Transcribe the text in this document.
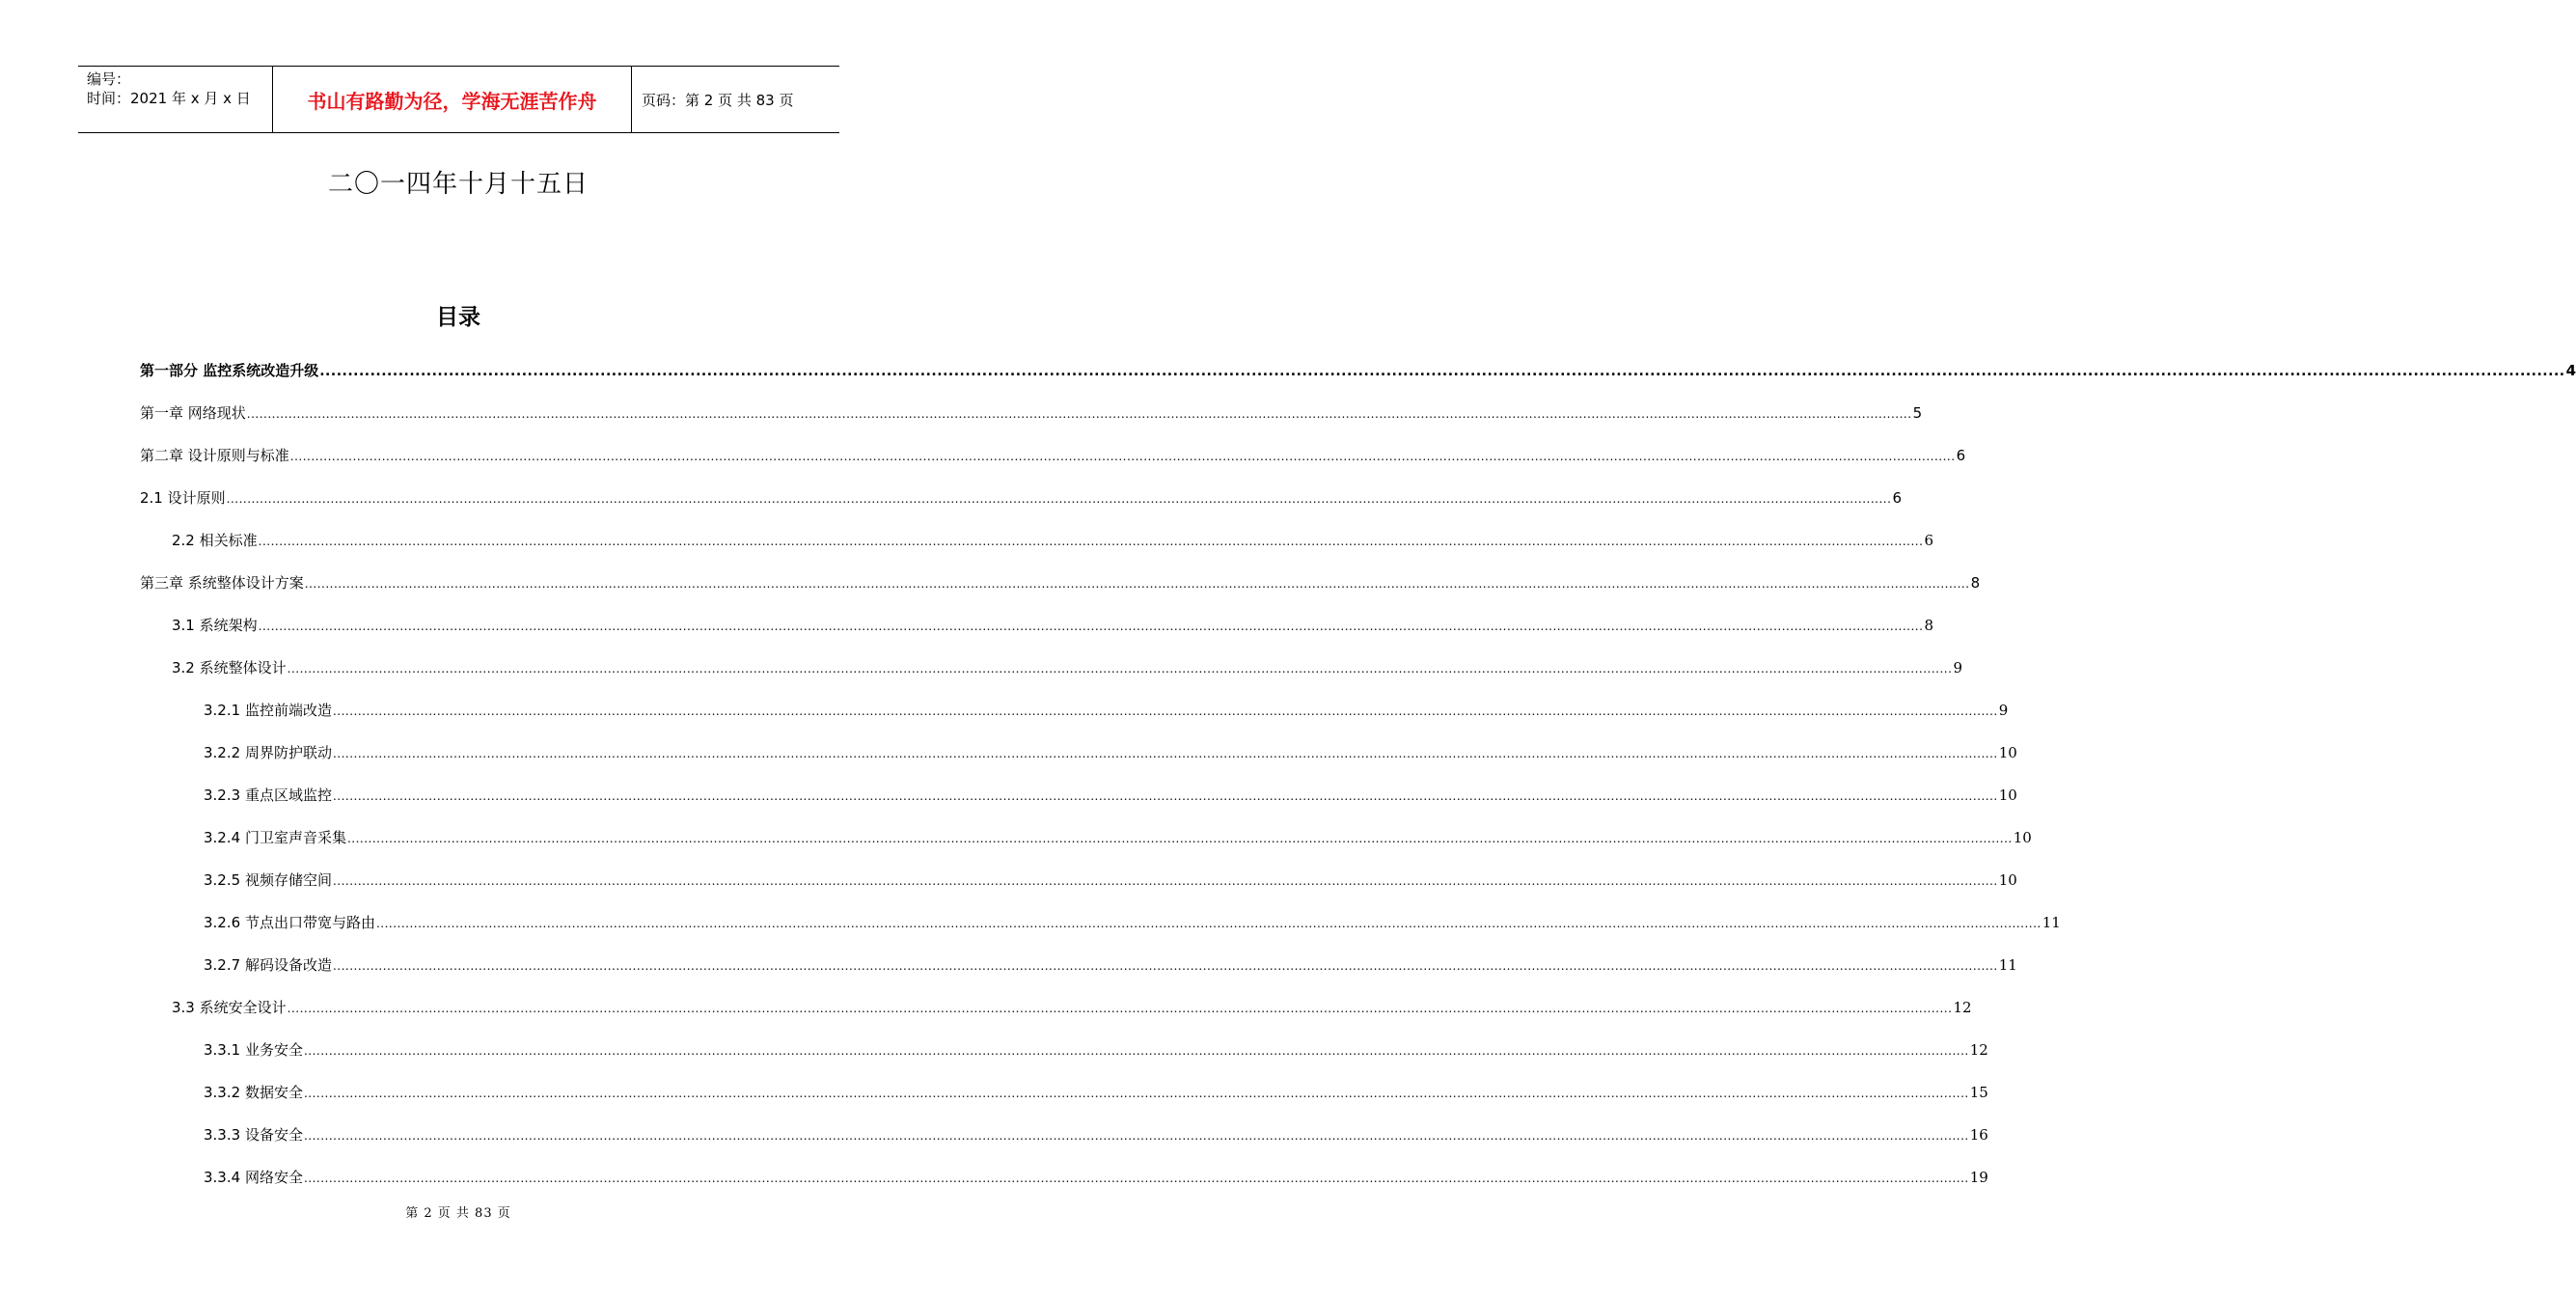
编号：
时间：2021 年 x 月 x 日	书山有路勤为径，学海无涯苦作舟	页码：第 2 页 共 83 页
二〇一四年十月十五日
目录
第一部分 监控系统改造升级 ................................................................................................................................................................................................................................................................................................................................................................................................................ 4
第一章 网络现状 ................................................................................................................................................................................................................................................................................................................................................................................................................ 5
第二章 设计原则与标准 ................................................................................................................................................................................................................................................................................................................................................................................................................ 6
2.1 设计原则 ................................................................................................................................................................................................................................................................................................................................................................................................................ 6
2.2 相关标准 ................................................................................................................................................................................................................................................................................................................................................................................................................ 6
第三章 系统整体设计方案 ................................................................................................................................................................................................................................................................................................................................................................................................................ 8
3.1 系统架构 ................................................................................................................................................................................................................................................................................................................................................................................................................ 8
3.2 系统整体设计 ................................................................................................................................................................................................................................................................................................................................................................................................................ 9
3.2.1 监控前端改造 ................................................................................................................................................................................................................................................................................................................................................................................................................ 9
3.2.2 周界防护联动 ................................................................................................................................................................................................................................................................................................................................................................................................................ 10
3.2.3 重点区域监控 ................................................................................................................................................................................................................................................................................................................................................................................................................ 10
3.2.4 门卫室声音采集 ................................................................................................................................................................................................................................................................................................................................................................................................................ 10
3.2.5 视频存储空间 ................................................................................................................................................................................................................................................................................................................................................................................................................ 10
3.2.6 节点出口带宽与路由 ................................................................................................................................................................................................................................................................................................................................................................................................................ 11
3.2.7 解码设备改造 ................................................................................................................................................................................................................................................................................................................................................................................................................ 11
3.3 系统安全设计 ................................................................................................................................................................................................................................................................................................................................................................................................................ 12
3.3.1 业务安全 ................................................................................................................................................................................................................................................................................................................................................................................................................ 12
3.3.2 数据安全 ................................................................................................................................................................................................................................................................................................................................................................................................................ 15
3.3.3 设备安全 ................................................................................................................................................................................................................................................................................................................................................................................................................ 16
3.3.4 网络安全 ................................................................................................................................................................................................................................................................................................................................................................................................................ 19
第 2 页 共 83 页
